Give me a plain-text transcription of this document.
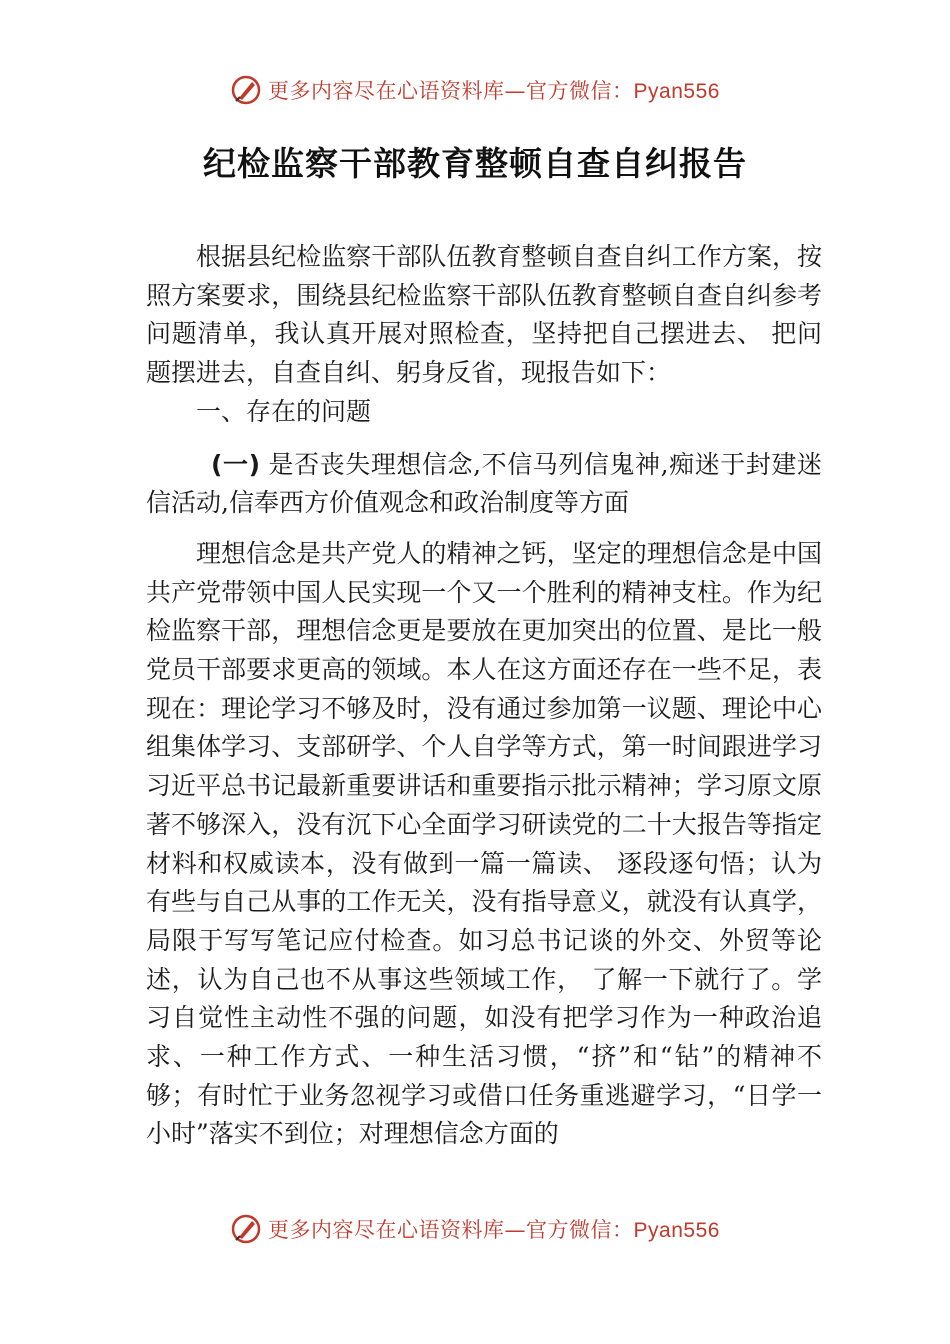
更多内容尽在心语资料库—官方微信：Pyan556
纪检监察干部教育整顿自查自纠报告

根据县纪检监察干部队伍教育整顿自查自纠工作方案，按照方案要求，围绕县纪检监察干部队伍教育整顿自查自纠参考问题清单，我认真开展对照检查，坚持把自己摆进去、 把问题摆进去，自查自纠、躬身反省，现报告如下：

一、存在的问题

(一) 是否丧失理想信念,不信马列信鬼神,痴迷于封建迷信活动,信奉西方价值观念和政治制度等方面

理想信念是共产党人的精神之钙，坚定的理想信念是中国共产党带领中国人民实现一个又一个胜利的精神支柱。作为纪检监察干部，理想信念更是要放在更加突出的位置、是比一般党员干部要求更高的领域。本人在这方面还存在一些不足，表现在：理论学习不够及时，没有通过参加第一议题、理论中心组集体学习、支部研学、个人自学等方式，第一时间跟进学习习近平总书记最新重要讲话和重要指示批示精神；学习原文原著不够深入，没有沉下心全面学习研读党的二十大报告等指定材料和权威读本，没有做到一篇一篇读、 逐段逐句悟；认为有些与自己从事的工作无关，没有指导意义，就没有认真学，局限于写写笔记应付检查。如习总书记谈的外交、外贸等论述，认为自己也不从事这些领域工作， 了解一下就行了。学习自觉性主动性不强的问题，如没有把学习作为一种政治追求、一种工作方式、一种生活习惯，“挤”和“钻”的精神不够；有时忙于业务忽视学习或借口任务重逃避学习，“日学一小时”落实不到位；对理想信念方面的

更多内容尽在心语资料库—官方微信：Pyan556
